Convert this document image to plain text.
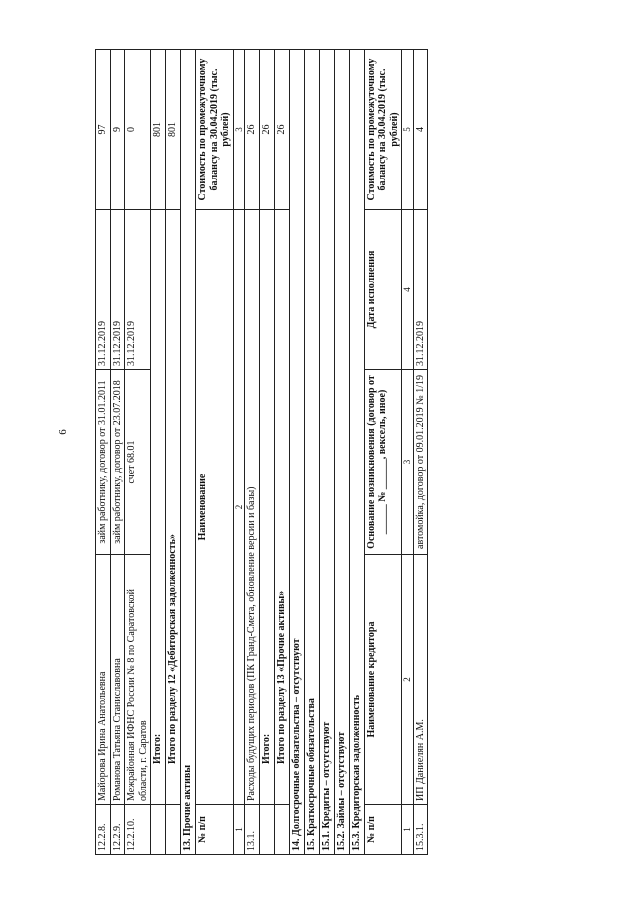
6
12.2.8.	Майорова Ирина Анатольевна	займ работнику, договор от 31.01.2011	31.12.2019	97
12.2.9.	Романова Татьяна Станиславовна	займ работнику, договор от 23.07.2018	31.12.2019	9
12.2.10.	Межрайонная ИФНС России № 8 по Саратовской области, г. Саратов	счет 68.01	31.12.2019	0
	Итого:			801
	Итого по разделу 12 «Дебиторская задолженность»			801
13. Прочие активы				
№ п/п	Наименование			Стоимость по промежуточному балансу на 30.04.2019 (тыс. рублей)
1	2			3
13.1.	Расходы будущих периодов (ПК Гранд-Смета, обновление версии и базы)			26
	Итого:			26
	Итого по разделу 13 «Прочие активы»			26
14. Долгосрочные обязательства – отсутствуют				
15. Краткосрочные обязательства				
15.1. Кредиты – отсутствуют				
15.2. Займы – отсутствуют				
15.3. Кредиторская задолженность				
№ п/п	Наименование кредитора	Основание возникновения (договор от ______ № ______, вексель, иное)	Дата исполнения	Стоимость по промежуточному балансу на 30.04.2019 (тыс. рублей)
1	2	3	4	5
15.3.1.	ИП Даниелян А.М.	автомойка, договор от 09.01.2019 № 1/19	31.12.2019	4
